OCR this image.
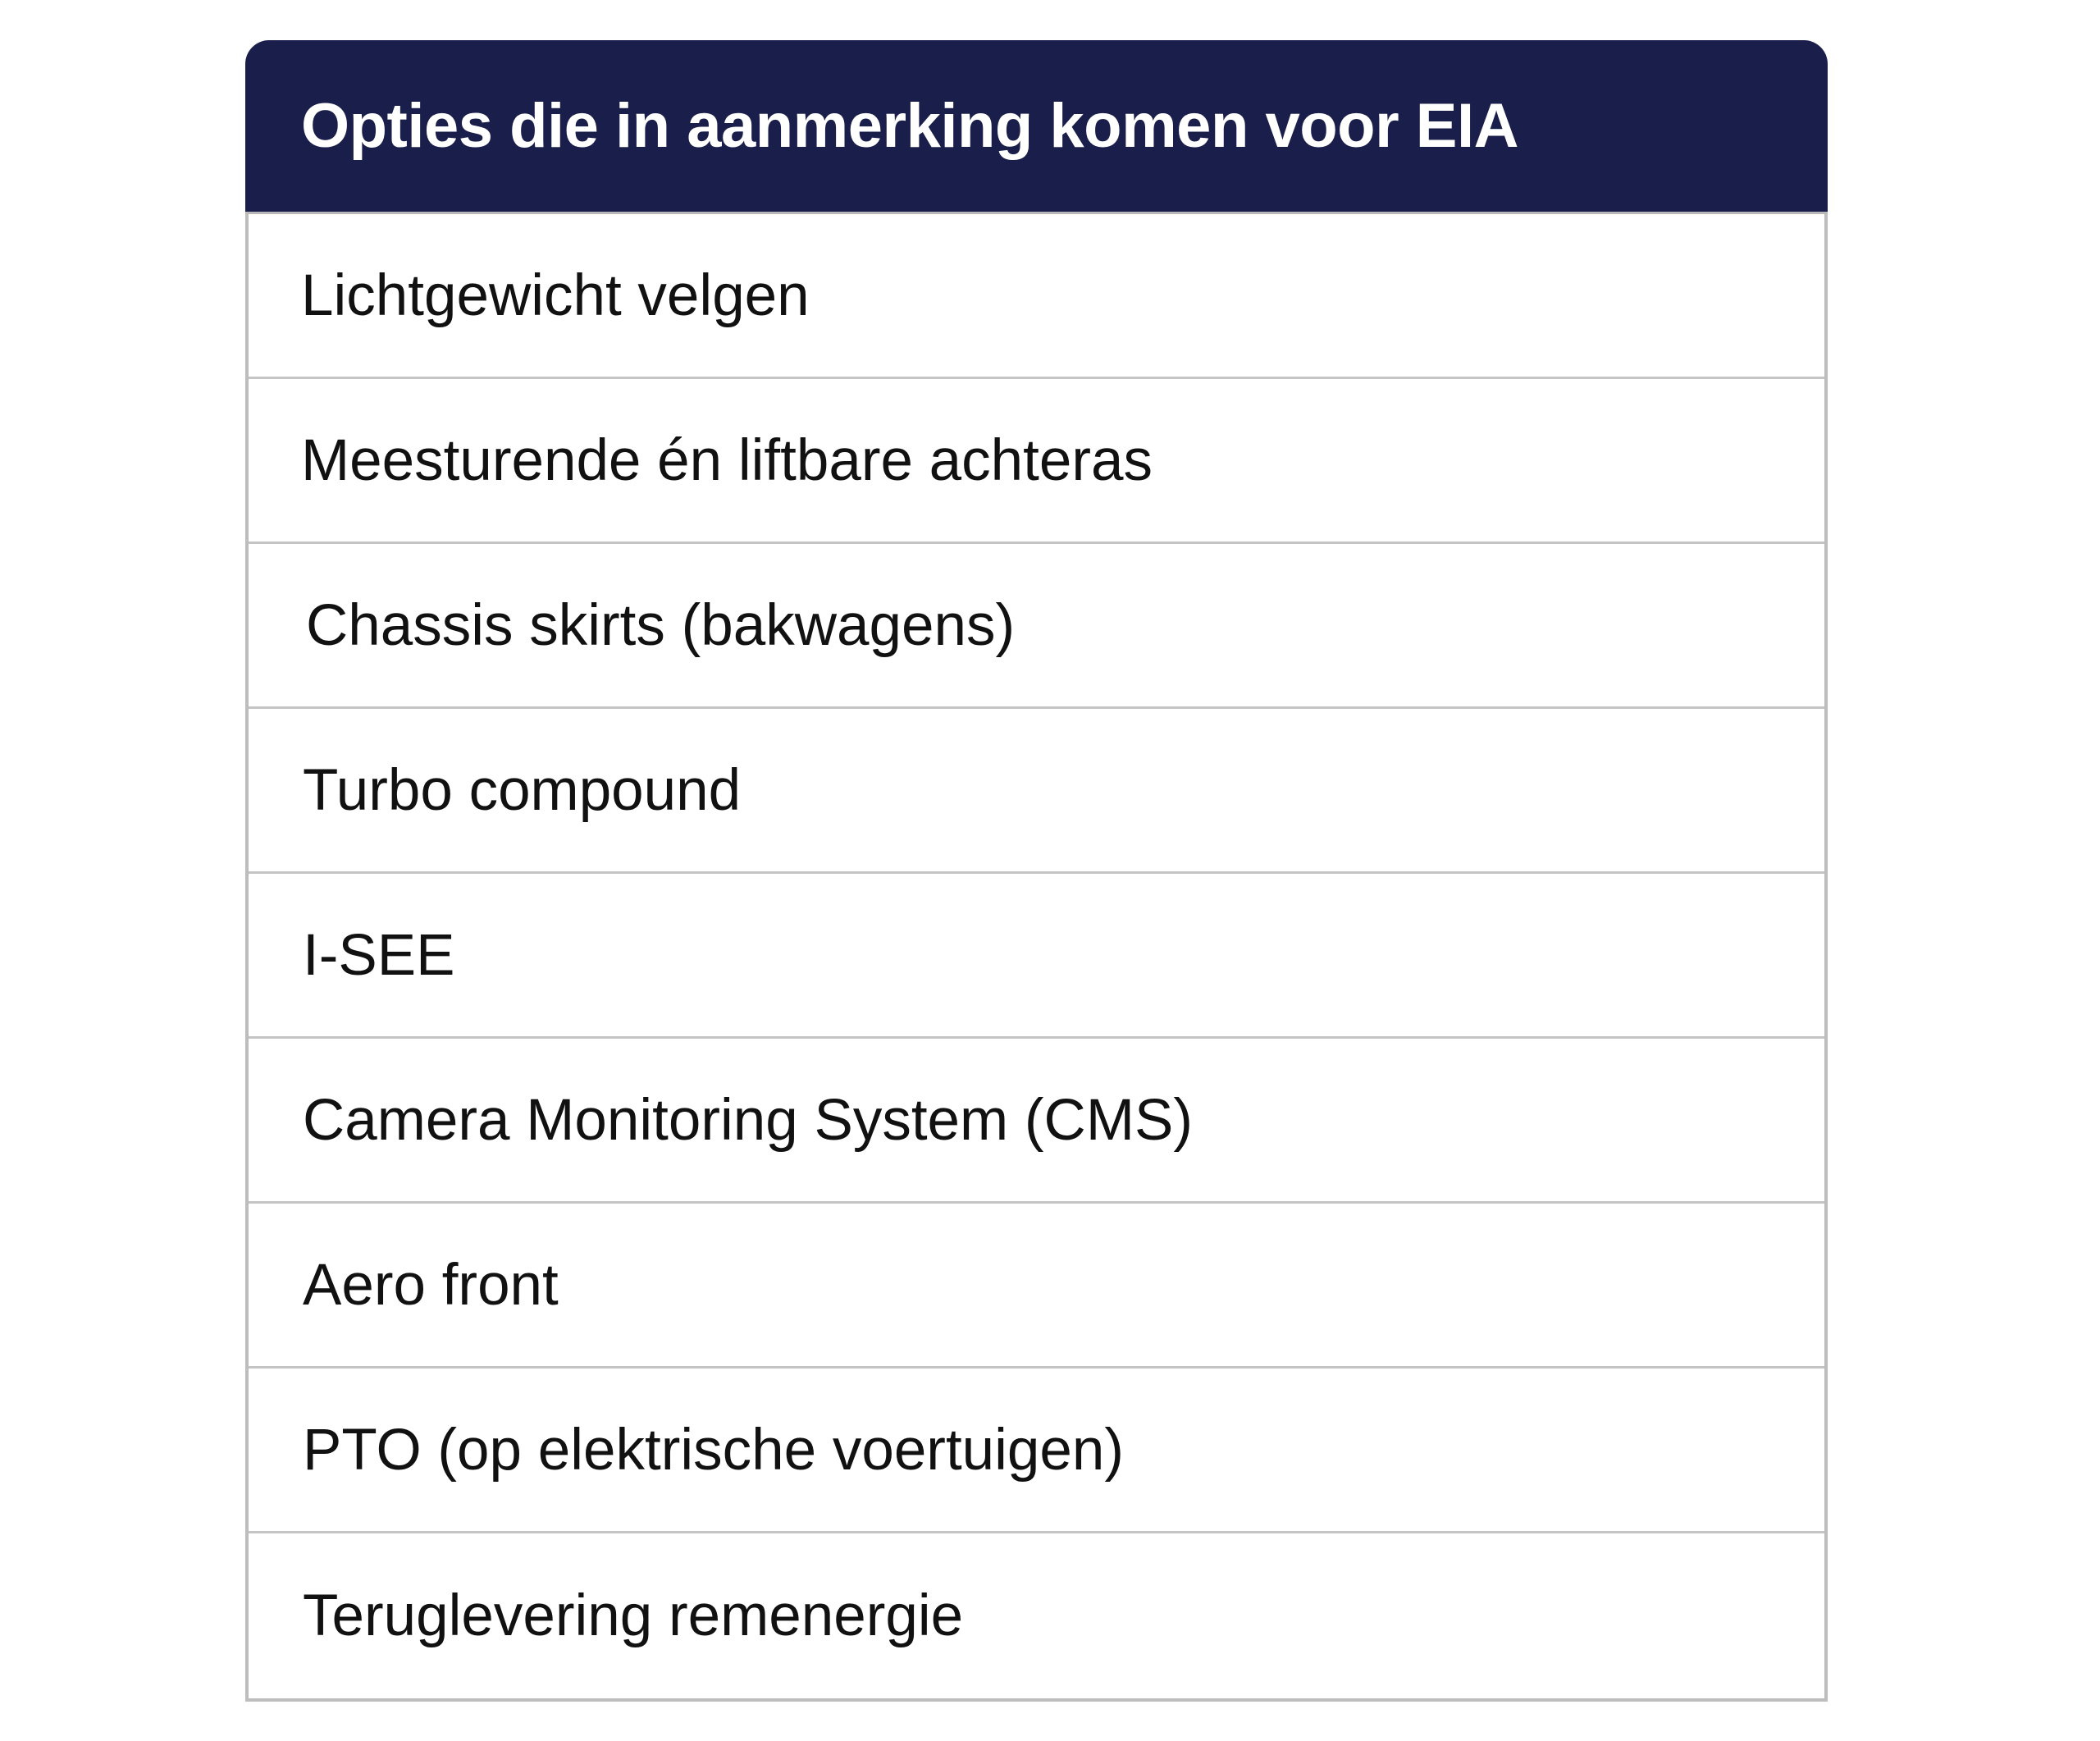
Opties die in aanmerking komen voor EIA
Lichtgewicht velgen
Meesturende én liftbare achteras
Chassis skirts (bakwagens)
Turbo compound
I-SEE
Camera Monitoring System (CMS)
Aero front
PTO (op elektrische voertuigen)
Teruglevering remenergie
